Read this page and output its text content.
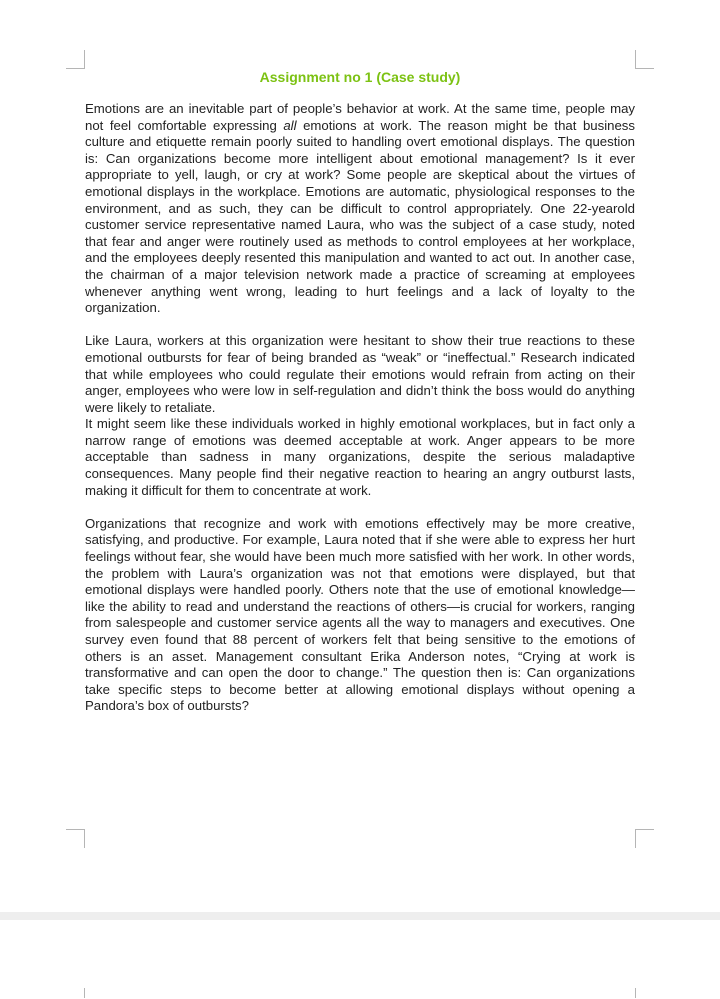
Assignment no 1 (Case study)

Emotions are an inevitable part of people’s behavior at work. At the same time, people may not feel comfortable expressing all emotions at work. The reason might be that business culture and etiquette remain poorly suited to handling overt emotional displays. The question is: Can organizations become more intelligent about emotional management? Is it ever appropriate to yell, laugh, or cry at work? Some people are skeptical about the virtues of emotional displays in the workplace. Emotions are automatic, physiological responses to the environment, and as such, they can be difficult to control appropriately. One 22-yearold customer service representative named Laura, who was the subject of a case study, noted that fear and anger were routinely used as methods to control employees at her workplace, and the employees deeply resented this manipulation and wanted to act out. In another case, the chairman of a major television network made a practice of screaming at employees whenever anything went wrong, leading to hurt feelings and a lack of loyalty to the organization.

Like Laura, workers at this organization were hesitant to show their true reactions to these emotional outbursts for fear of being branded as “weak” or “ineffectual.” Research indicated that while employees who could regulate their emotions would refrain from acting on their anger, employees who were low in self-regulation and didn’t think the boss would do anything were likely to retaliate.

It might seem like these individuals worked in highly emotional workplaces, but in fact only a narrow range of emotions was deemed acceptable at work. Anger appears to be more acceptable than sadness in many organizations, despite the serious maladaptive consequences. Many people find their negative reaction to hearing an angry outburst lasts, making it difficult for them to concentrate at work.

Organizations that recognize and work with emotions effectively may be more creative, satisfying, and productive. For example, Laura noted that if she were able to express her hurt feelings without fear, she would have been much more satisfied with her work. In other words, the problem with Laura’s organization was not that emotions were displayed, but that emotional displays were handled poorly. Others note that the use of emotional knowledge—like the ability to read and understand the reactions of others—is crucial for workers, ranging from salespeople and customer service agents all the way to managers and executives. One survey even found that 88 percent of workers felt that being sensitive to the emotions of others is an asset. Management consultant Erika Anderson notes, “Crying at work is transformative and can open the door to change.” The question then is: Can organizations take specific steps to become better at allowing emotional displays without opening a Pandora’s box of outbursts?
